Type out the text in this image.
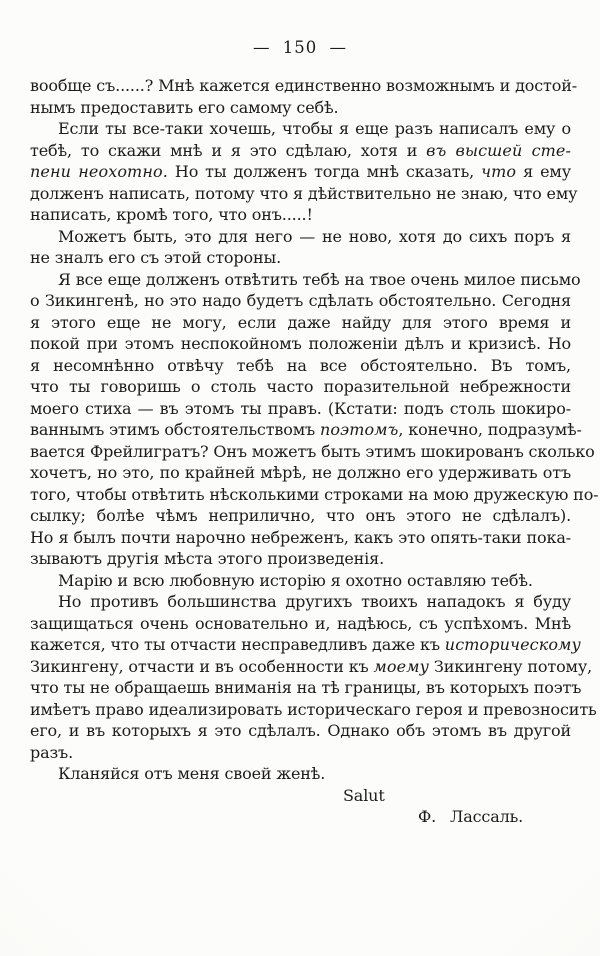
— 150 —
вообще съ......? Мнѣ кажется единственно возможнымъ и достой-
нымъ предоставить его самому себѣ.
Если ты все-таки хочешь, чтобы я еще разъ написалъ ему о
тебѣ, то скажи мнѣ и я это сдѣлаю, хотя и въ высшей сте-
пени неохотно. Но ты долженъ тогда мнѣ сказать, что я ему
долженъ написать, потому что я дѣйствительно не знаю, что ему
написать, кромѣ того, что онъ.....!
Можетъ быть, это для него — не ново, хотя до сихъ поръ я
не зналъ его съ этой стороны.
Я все еще долженъ отвѣтить тебѣ на твое очень милое письмо
о Зикингенѣ, но это надо будетъ сдѣлать обстоятельно. Сегодня
я этого еще не могу, если даже найду для этого время и
покой при этомъ неспокойномъ положеніи дѣлъ и кризисѣ. Но
я несомнѣнно отвѣчу тебѣ на все обстоятельно. Въ томъ,
что ты говоришь о столь часто поразительной небрежности
моего стиха — въ этомъ ты правъ. (Кстати: подъ столь шокиро-
ваннымъ этимъ обстоятельствомъ поэтомъ, конечно, подразумѣ-
вается Фрейлигратъ? Онъ можетъ быть этимъ шокированъ сколько
хочетъ, но это, по крайней мѣрѣ, не должно его удерживать отъ
того, чтобы отвѣтить нѣсколькими строками на мою дружескую по-
сылку; болѣе чѣмъ неприлично, что онъ этого не сдѣлалъ).
Но я былъ почти нарочно небреженъ, какъ это опять-таки пока-
зываютъ другія мѣста этого произведенія.
Марію и всю любовную исторію я охотно оставляю тебѣ.
Но противъ большинства другихъ твоихъ нападокъ я буду
защищаться очень основательно и, надѣюсь, съ успѣхомъ. Мнѣ
кажется, что ты отчасти несправедливъ даже къ историческому
Зикингену, отчасти и въ особенности къ моему Зикингену потому,
что ты не обращаешь вниманія на тѣ границы, въ которыхъ поэтъ
имѣетъ право идеализировать историческаго героя и превозносить
его, и въ которыхъ я это сдѣлалъ. Однако объ этомъ въ другой
разъ.
Кланяйся отъ меня своей женѣ.
Salut
Ф. Лассаль.
